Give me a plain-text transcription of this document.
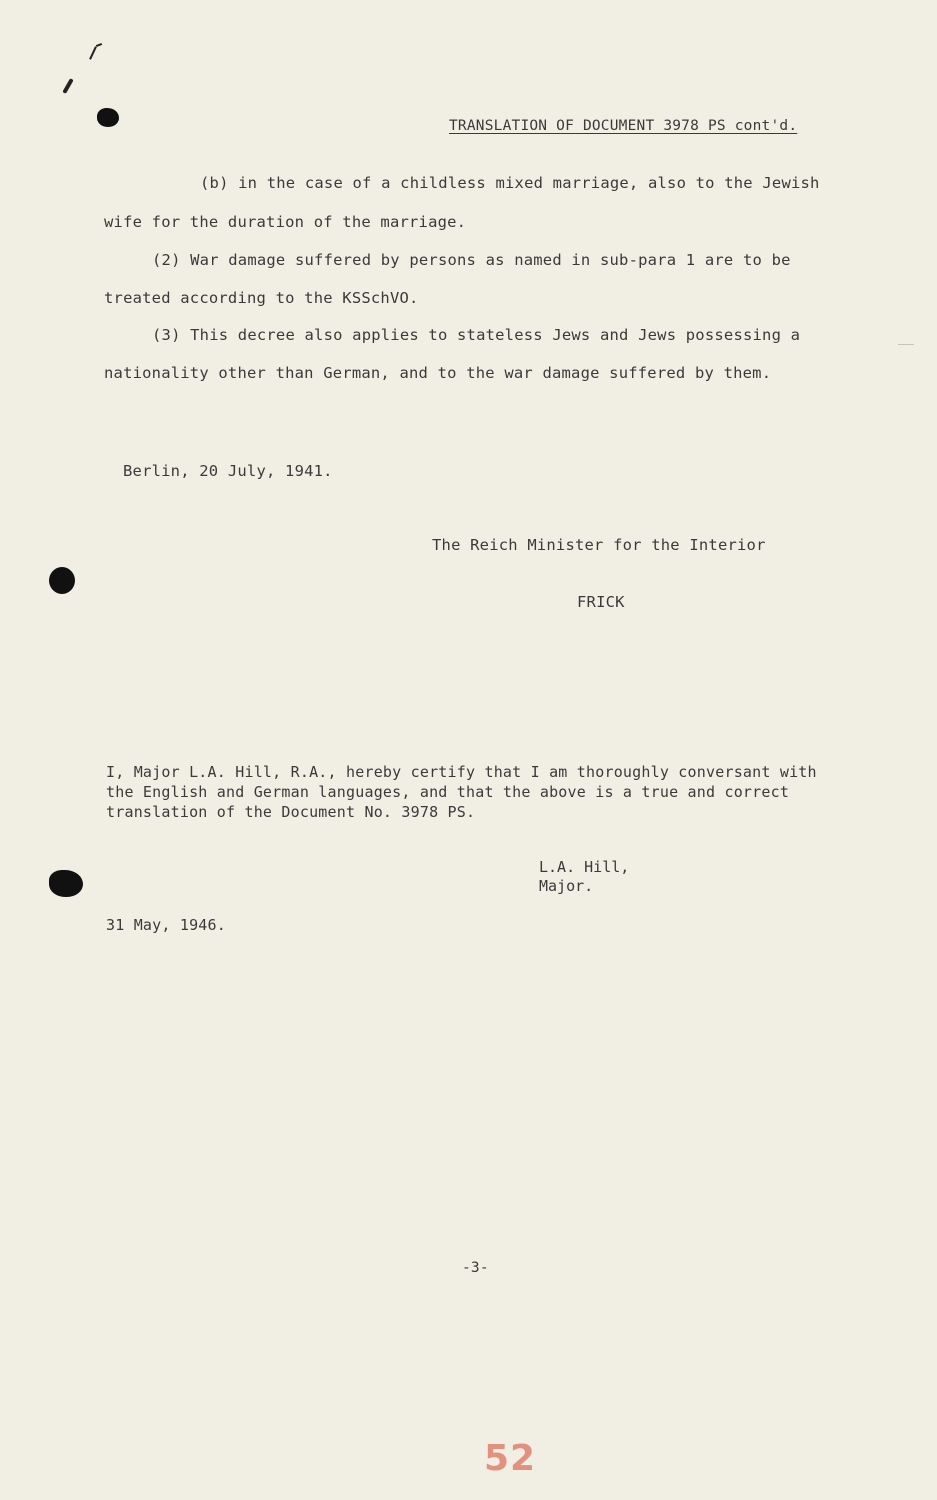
TRANSLATION OF DOCUMENT 3978 PS cont'd.
(b) in the case of a childless mixed marriage, also to the Jewish
wife for the duration of the marriage.
(2) War damage suffered by persons as named in sub-para 1 are to be
treated according to the KSSchVO.
(3) This decree also applies to stateless Jews and Jews possessing a
nationality other than German, and to the war damage suffered by them.
Berlin, 20 July, 1941.
The Reich Minister for the Interior
FRICK
I, Major L.A. Hill, R.A., hereby certify that I am thoroughly conversant with
the English and German languages, and that the above is a true and correct
translation of the Document No. 3978 PS.
L.A. Hill,
Major.
31 May, 1946.
-3-
52
